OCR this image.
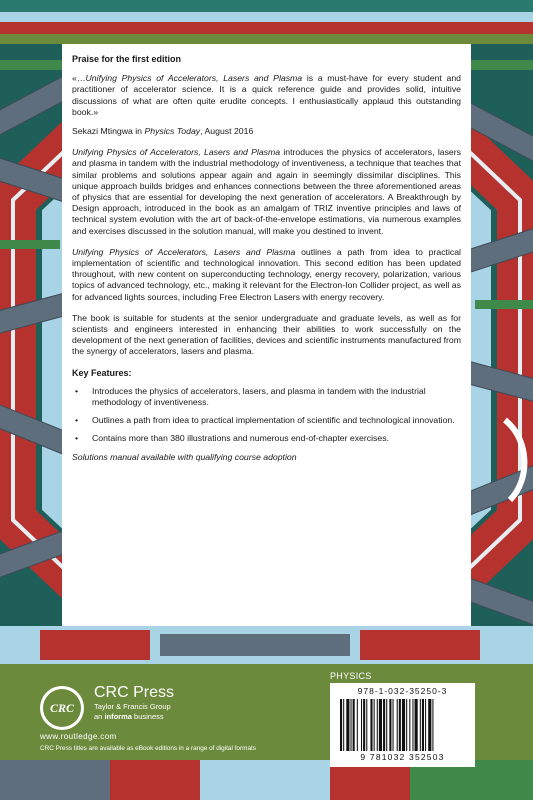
Praise for the first edition

«…Unifying Physics of Accelerators, Lasers and Plasma is a must-have for every student and practitioner of accelerator science. It is a quick reference guide and provides solid, intuitive discussions of what are often quite erudite concepts. I enthusiastically applaud this outstanding book.»

Sekazi Mtingwa in Physics Today, August 2016

Unifying Physics of Accelerators, Lasers and Plasma introduces the physics of accelerators, lasers and plasma in tandem with the industrial methodology of inventiveness, a technique that teaches that similar problems and solutions appear again and again in seemingly dissimilar disciplines. This unique approach builds bridges and enhances connections between the three aforementioned areas of physics that are essential for developing the next generation of accelerators. A Breakthrough by Design approach, introduced in the book as an amalgam of TRIZ inventive principles and laws of technical system evolution with the art of back-of-the-envelope estimations, via numerous examples and exercises discussed in the solution manual, will make you destined to invent.

Unifying Physics of Accelerators, Lasers and Plasma outlines a path from idea to practical implementation of scientific and technological innovation. This second edition has been updated throughout, with new content on superconducting technology, energy recovery, polarization, various topics of advanced technology, etc., making it relevant for the Electron-Ion Collider project, as well as for advanced lights sources, including Free Electron Lasers with energy recovery.

The book is suitable for students at the senior undergraduate and graduate levels, as well as for scientists and engineers interested in enhancing their abilities to work successfully on the development of the next generation of facilities, devices and scientific instruments manufactured from the synergy of accelerators, lasers and plasma.

Key Features:

• Introduces the physics of accelerators, lasers, and plasma in tandem with the industrial methodology of inventiveness.
• Outlines a path from idea to practical implementation of scientific and technological innovation.
• Contains more than 380 illustrations and numerous end-of-chapter exercises.

Solutions manual available with qualifying course adoption

CRC
CRC Press
Taylor & Francis Group
an informa business
www.routledge.com
CRC Press titles are available as eBook editions in a range of digital formats
PHYSICS
978-1-032-35250-3
9 781032 352503
